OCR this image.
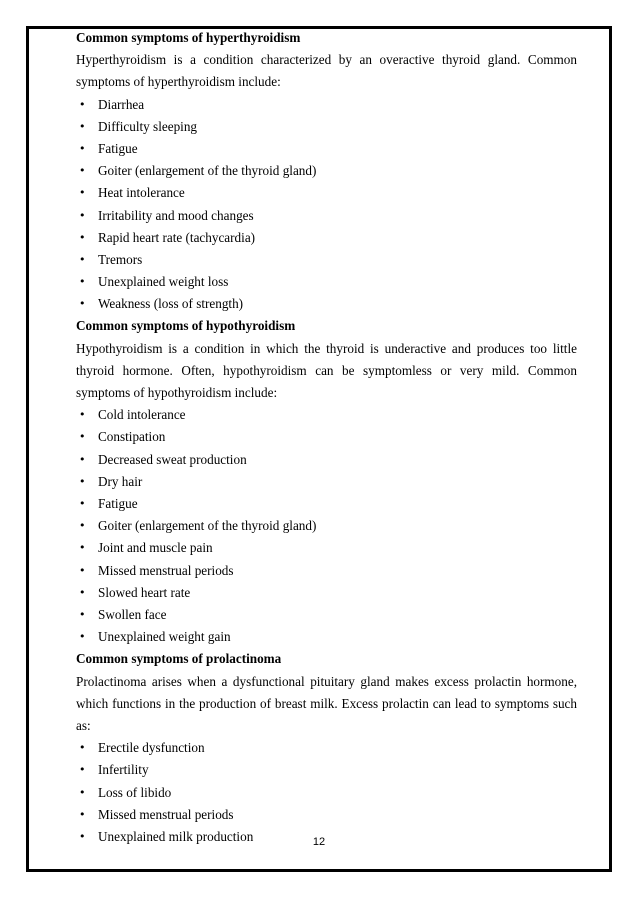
Common symptoms of hyperthyroidism
Hyperthyroidism is a condition characterized by an overactive thyroid gland. Common symptoms of hyperthyroidism include:
• Diarrhea
• Difficulty sleeping
• Fatigue
• Goiter (enlargement of the thyroid gland)
• Heat intolerance
• Irritability and mood changes
• Rapid heart rate (tachycardia)
• Tremors
• Unexplained weight loss
• Weakness (loss of strength)
Common symptoms of hypothyroidism
Hypothyroidism is a condition in which the thyroid is underactive and produces too little thyroid hormone. Often, hypothyroidism can be symptomless or very mild. Common symptoms of hypothyroidism include:
• Cold intolerance
• Constipation
• Decreased sweat production
• Dry hair
• Fatigue
• Goiter (enlargement of the thyroid gland)
• Joint and muscle pain
• Missed menstrual periods
• Slowed heart rate
• Swollen face
• Unexplained weight gain
Common symptoms of prolactinoma
Prolactinoma arises when a dysfunctional pituitary gland makes excess prolactin hormone, which functions in the production of breast milk. Excess prolactin can lead to symptoms such as:
• Erectile dysfunction
• Infertility
• Loss of libido
• Missed menstrual periods
• Unexplained milk production	12
